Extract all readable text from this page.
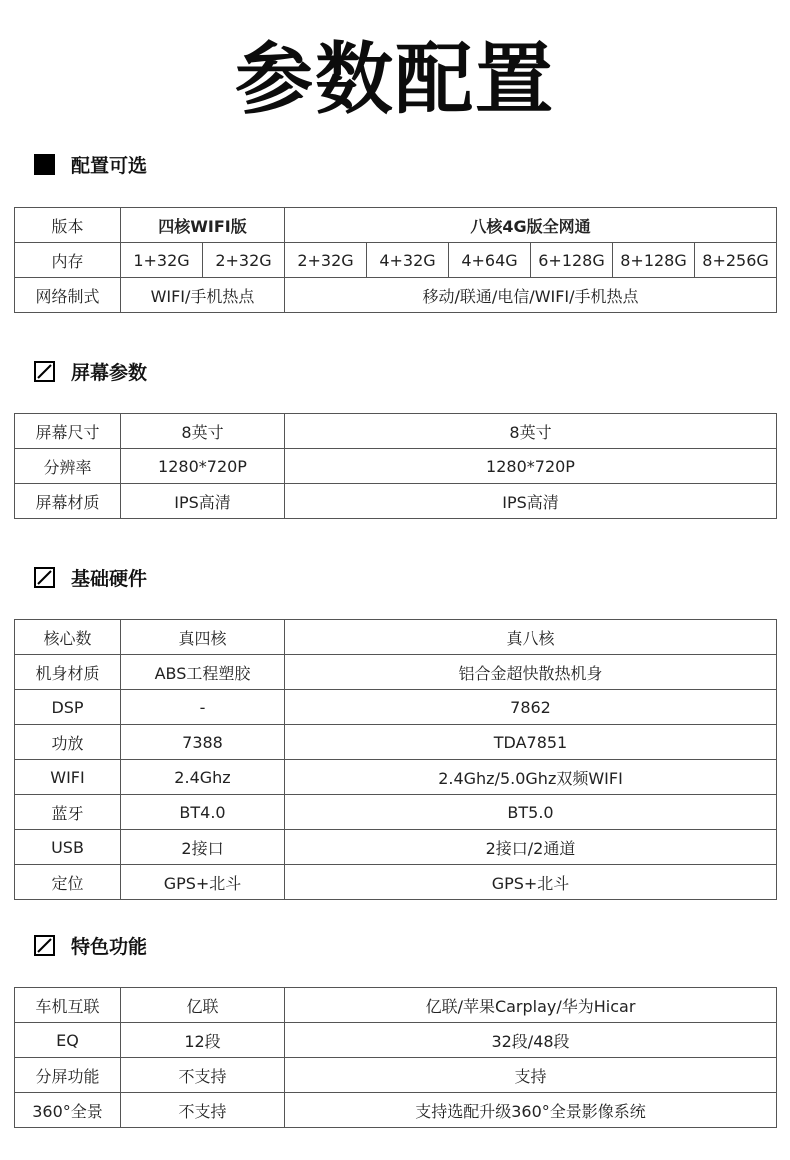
参数配置
配置可选
版本	四核WIFI版		八核4G版全网通					
内存	1+32G	2+32G	2+32G	4+32G	4+64G	6+128G	8+128G	8+256G
网络制式	WIFI/手机热点		移动/联通/电信/WIFI/手机热点					
屏幕参数
屏幕尺寸	8英寸	8英寸
分辨率	1280*720P	1280*720P
屏幕材质	IPS高清	IPS高清
基础硬件
核心数	真四核	真八核
机身材质	ABS工程塑胶	铝合金超快散热机身
DSP	-	7862
功放	7388	TDA7851
WIFI	2.4Ghz	2.4Ghz/5.0Ghz双频WIFI
蓝牙	BT4.0	BT5.0
USB	2接口	2接口/2通道
定位	GPS+北斗	GPS+北斗
特色功能
车机互联	亿联	亿联/苹果Carplay/华为Hicar
EQ	12段	32段/48段
分屏功能	不支持	支持
360°全景	不支持	支持选配升级360°全景影像系统
